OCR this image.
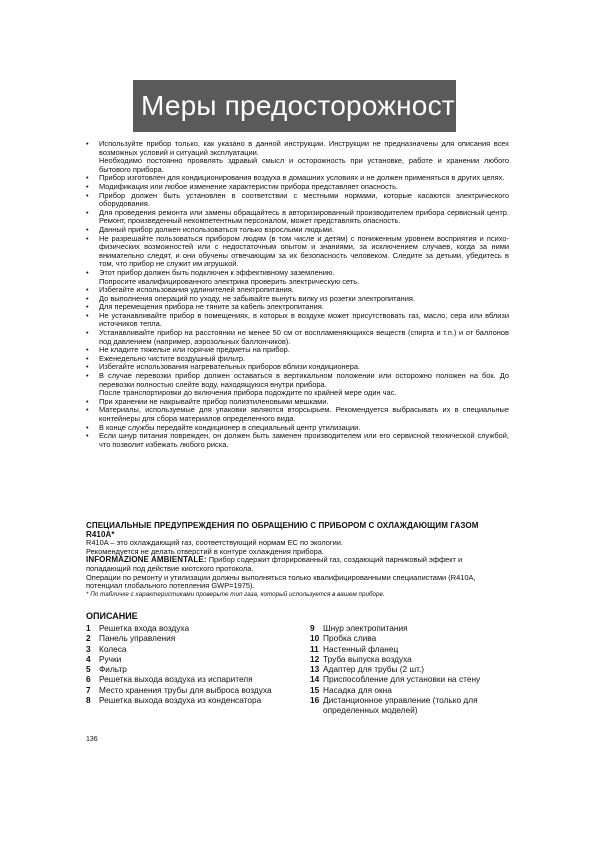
Меры предосторожности
• Используйте прибор только, как указано в данной инструкции. Инструкции не предназначены для описания всех возможных условий и ситуаций эксплуатации.
Необходимо постоянно проявлять здравый смысл и осторожность при установке, работе и хранении любого бытового прибора.
• Прибор изготовлен для кондиционирования воздуха в домашних условиях и не должен применяться в других целях.
• Модификация или любое изменение характеристик прибора представляет опасность.
• Прибор должен быть установлен в соответствии с местными нормами, которые касаются электрического оборудования.
• Для проведения ремонта или замены обращайтесь в авторизированный производителем прибора сервисный центр. Ремонт, произведенный некомпетентным персоналом, может представлять опасность.
• Данный прибор должен использоваться только взрослыми людьми.
• Не разрешайте пользоваться прибором людям (в том числе и детям) с пониженным уровнем восприятия и психо-физических возможностей или с недостаточным опытом и знаниями, за исключением случаев, когда за ними внимательно следят, и они обучены отвечающим за их безопасность человеком. Следите за детьми, убедитесь в том, что прибор не служит им игрушкой.
• Этот прибор должен быть подключен к эффективному заземлению.
Попросите квалифицированного электрика проверить электрическую сеть.
• Избегайте использования удлинителей электропитания.
• До выполнения операций по уходу, не забывайте вынуть вилку из розетки электропитания.
• Для перемещения прибора не тяните за кабель электропитания.
• Не устанавливайте прибор в помещениях, в которых в воздухе может присутствовать газ, масло, сера или вблизи источников тепла.
• Устанавливайте прибор на расстоянии не менее 50 см от воспламеняющихся веществ (спирта и т.п.) и от баллонов под давлением (например, аэрозольных баллончиков).
• Не кладите тяжелые или горячие предметы на прибор.
• Еженедельно чистите воздушный фильтр.
• Избегайте использования нагревательных приборов вблизи кондиционера.
• В случае перевозки прибор должен оставаться в вертикальном положении или осторожно положен на бок. До перевозки полностью слейте воду, находящуюся внутри прибора.
После транспортировки до включения прибора подождите по крайней мере один час.
• При хранении не накрывайте прибор полиэтиленовыми мешками.
• Материалы, используемые для упаковки являются вторсырьем. Рекомендуется выбрасывать их в специальные контейнеры для сбора материалов определенного вида.
• В конце службы передайте кондиционер в специальный центр утилизации.
• Если шнур питания поврежден, он должен быть заменен производителем или его сервисной технической службой, что позволит избежать любого риска.
СПЕЦИАЛЬНЫЕ ПРЕДУПРЕЖДЕНИЯ ПО ОБРАЩЕНИЮ С ПРИБОРОМ С ОХЛАЖДАЮЩИМ ГАЗОМ R410A*
R410A – это охлаждающий газ, соответствующий нормам ЕС по экологии.
Рекомендуется не делать отверстий в контуре охлаждения прибора.
INFORMAZIONE AMBIENTALE: Прибор содержит фторированный газ, создающий парниковый эффект и попадающий под действие киотского протокола.
Операции по ремонту и утилизации должны выполняться только квалифицированными специалистами (R410A, потенциал глобального потепления GWP=1975).
* По табличке с характеристиками проверьте тип газа, который используется в вашем приборе.
ОПИСАНИЕ
1	Решетка входа воздуха
2	Панель управления
3	Колеса
4	Ручки
5	Фильтр
6	Решетка выхода воздуха из испарителя
7	Место хранения трубы для выброса воздуха
8	Решетка выхода воздуха из конденсатора
9	Шнур электропитания
10 Пробка слива
11 Настенный фланец
12 Труба выпуска воздуха
13 Адаптер для трубы (2 шт.)
14 Приспособление для установки на стену
15 Насадка для окна
16 Дистанционное управление (только для определенных моделей)
136
